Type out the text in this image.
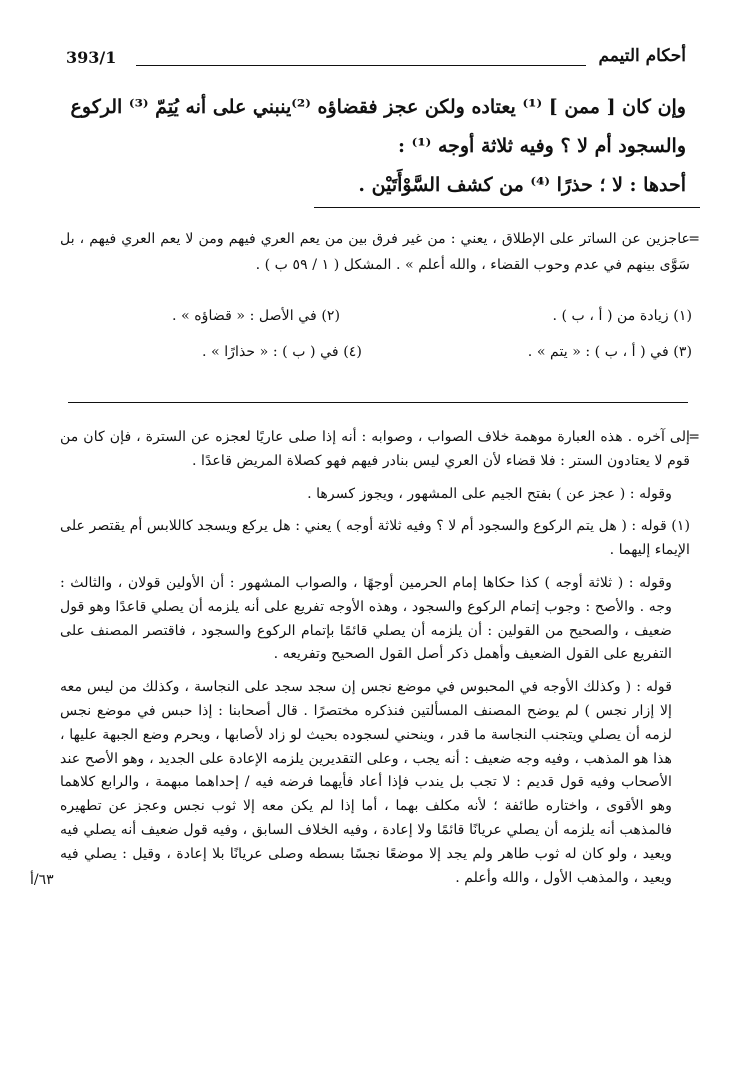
أحكام التيمم
393/1

وإن كان [ ممن ] ⁽¹⁾ يعتاده ولكن عجز فقضاؤه ⁽²⁾ينبني على أنه يُتِمّ ⁽³⁾ الركوع

والسجود أم لا ؟ وفيه ثلاثة أوجه ⁽¹⁾ :

أحدها : لا ؛ حذرًا ⁽⁴⁾ من كشف السَّوْأَتَيْن .

=
عاجزين عن الساتر على الإطلاق ، يعني : من غير فرق بين من يعم العري فيهم ومن لا يعم العري فيهم ، بل سَوَّى بينهم في عدم وحوب القضاء ، والله أعلم » . المشكل ( ١ / ٥٩ ب ) .
(١) زيادة من ( أ ، ب ) .
(٢) في الأصل : « قضاؤه » .
(٣) في ( أ ، ب ) : « يتم » .
(٤) في ( ب ) : « حذارًا » .

=
إلى آخره . هذه العبارة موهمة خلاف الصواب ، وصوابه : أنه إذا صلى عاريًا لعجزه عن السترة ، فإن كان من قوم لا يعتادون الستر : فلا قضاء لأن العري ليس بنادر فيهم فهو كصلاة المريض قاعدًا .

وقوله : ( عجز عن ) بفتح الجيم على المشهور ، ويجوز كسرها .

(١) قوله : ( هل يتم الركوع والسجود أم لا ؟ وفيه ثلاثة أوجه ) يعني : هل يركع ويسجد كاللابس أم يقتصر على الإيماء إليهما .

وقوله : ( ثلاثة أوجه ) كذا حكاها إمام الحرمين أوجهًا ، والصواب المشهور : أن الأولين قولان ، والثالث : وجه . والأصح : وجوب إتمام الركوع والسجود ، وهذه الأوجه تفريع على أنه يلزمه أن يصلي قاعدًا وهو قول ضعيف ، والصحيح من القولين : أن يلزمه أن يصلي قائمًا بإتمام الركوع والسجود ، فاقتصر المصنف على التفريع على القول الضعيف وأهمل ذكر أصل القول الصحيح وتفريعه .

قوله : ( وكذلك الأوجه في المحبوس في موضع نجس إن سجد سجد على النجاسة ، وكذلك من ليس معه إلا إزار نجس ) لم يوضح المصنف المسألتين فنذكره مختصرًا . قال أصحابنا : إذا حبس في موضع نجس لزمه أن يصلي ويتجنب النجاسة ما قدر ، وينحني لسجوده بحيث لو زاد لأصابها ، ويحرم وضع الجبهة عليها ، هذا هو المذهب ، وفيه وجه ضعيف : أنه يجب ، وعلى التقديرين يلزمه الإعادة على الجديد ، وهو الأصح عند الأصحاب وفيه قول قديم : لا تجب بل يندب فإذا أعاد فأيهما فرضه فيه / إحداهما مبهمة ، والرابع كلاهما وهو الأقوى ، واختاره طائفة ؛ لأنه مكلف بهما ، أما إذا لم يكن معه إلا ثوب نجس وعجز عن تطهيره فالمذهب أنه يلزمه أن يصلي عريانًا قائمًا ولا إعادة ، وفيه الخلاف السابق ، وفيه قول ضعيف أنه يصلي فيه ويعيد ، ولو كان له ثوب طاهر ولم يجد إلا موضعًا نجسًا بسطه وصلى عريانًا بلا إعادة ، وقيل : يصلي فيه ويعيد ، والمذهب الأول ، والله وأعلم .

٦٣/أ
